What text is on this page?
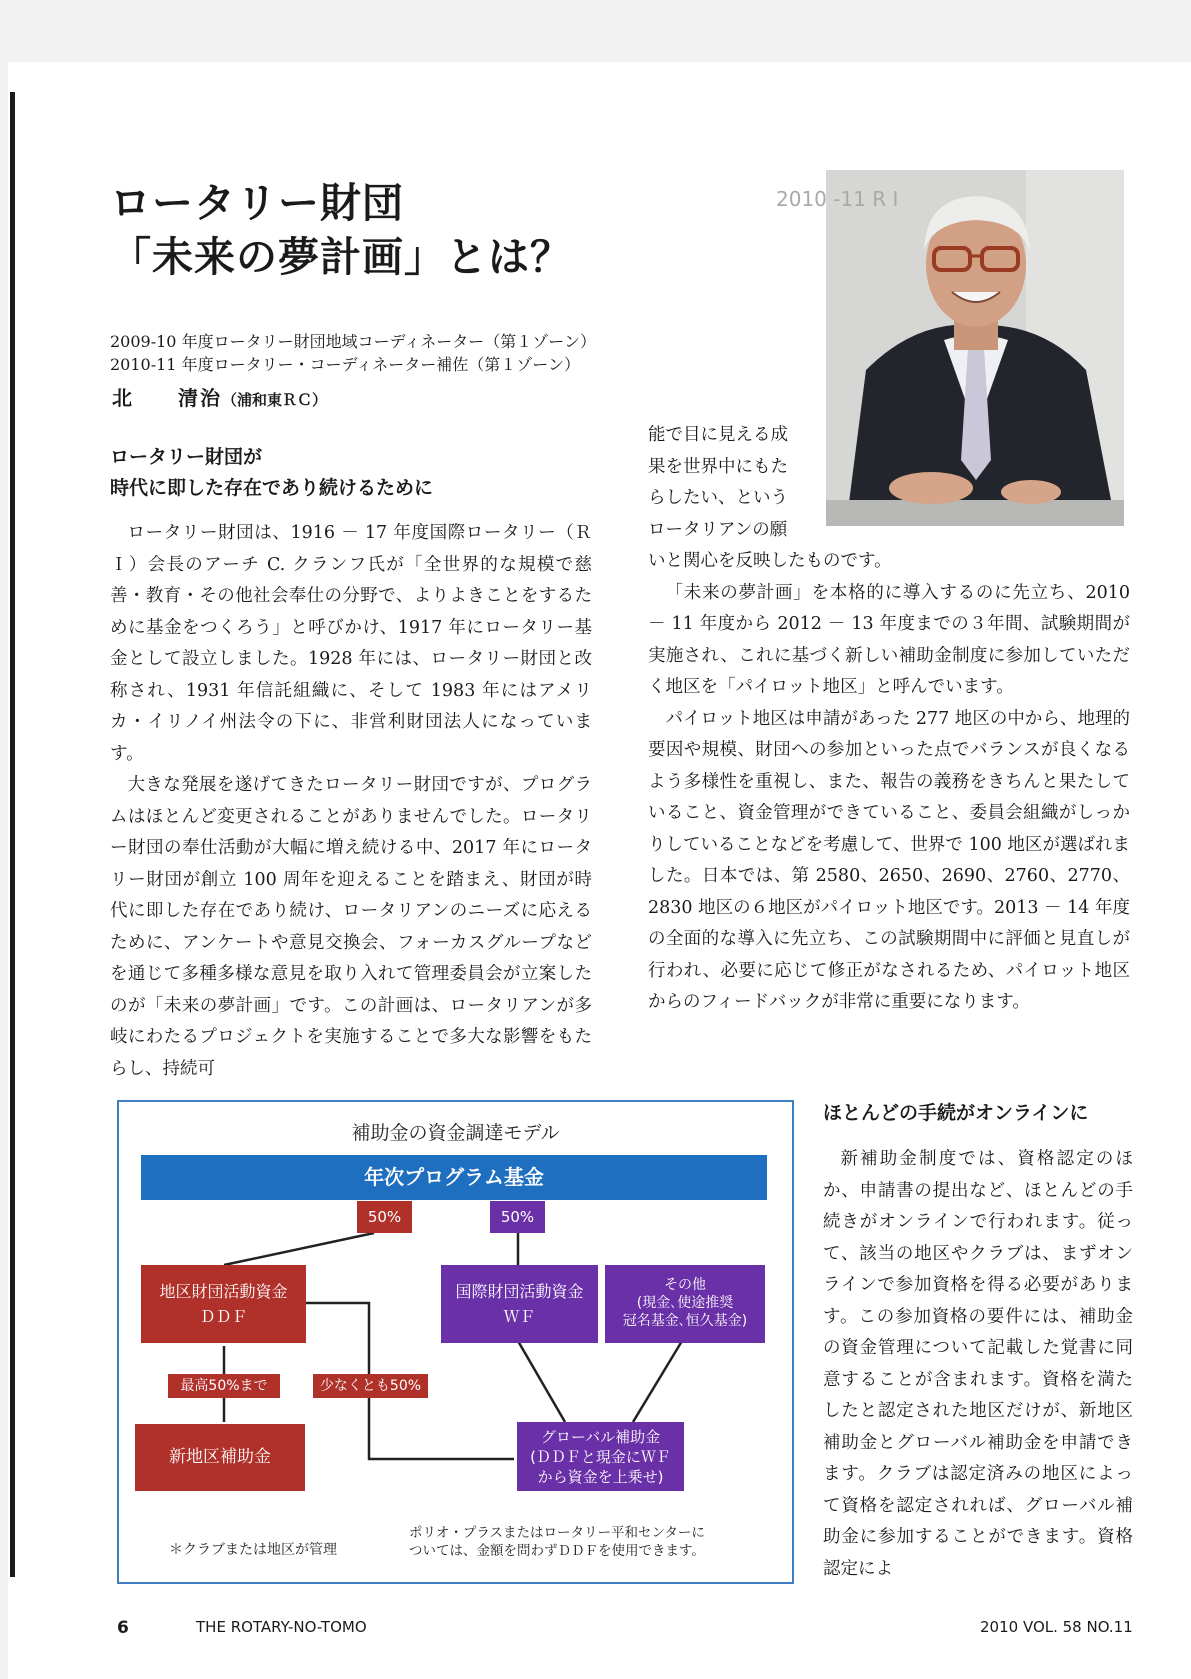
ロータリー財団
「未来の夢計画」とは？
2009-10 年度ロータリー財団地域コーディネーター（第１ゾーン）
2010-11 年度ロータリー・コーディネーター補佐（第１ゾーン）
北　　清治（浦和東ＲＣ）
2010 -11 R I
ロータリー財団が
時代に即した存在であり続けるために

ロータリー財団は、1916 － 17 年度国際ロータリー（ＲＩ）会長のアーチ C. クランフ氏が「全世界的な規模で慈善・教育・その他社会奉仕の分野で、よりよきことをするために基金をつくろう」と呼びかけ、1917 年にロータリー基金として設立しました。1928 年には、ロータリー財団と改称され、1931 年信託組織に、そして 1983 年にはアメリカ・イリノイ州法令の下に、非営利財団法人になっています。

大きな発展を遂げてきたロータリー財団ですが、プログラムはほとんど変更されることがありませんでした。ロータリー財団の奉仕活動が大幅に増え続ける中、2017 年にロータリー財団が創立 100 周年を迎えることを踏まえ、財団が時代に即した存在であり続け、ロータリアンのニーズに応えるために、アンケートや意見交換会、フォーカスグループなどを通じて多種多様な意見を取り入れて管理委員会が立案したのが「未来の夢計画」です。この計画は、ロータリアンが多岐にわたるプロジェクトを実施することで多大な影響をもたらし、持続可

能で目に見える成

果を世界中にもた

らしたい、という

ロータリアンの願

いと関心を反映したものです。

「未来の夢計画」を本格的に導入するのに先立ち、2010 － 11 年度から 2012 － 13 年度までの３年間、試験期間が実施され、これに基づく新しい補助金制度に参加していただく地区を「パイロット地区」と呼んでいます。

パイロット地区は申請があった 277 地区の中から、地理的要因や規模、財団への参加といった点でバランスが良くなるよう多様性を重視し、また、報告の義務をきちんと果たしていること、資金管理ができていること、委員会組織がしっかりしていることなどを考慮して、世界で 100 地区が選ばれました。日本では、第 2580、2650、2690、2760、2770、2830 地区の６地区がパイロット地区です。2013 － 14 年度の全面的な導入に先立ち、この試験期間中に評価と見直しが行われ、必要に応じて修正がなされるため、パイロット地区からのフィードバックが非常に重要になります。

ほとんどの手続がオンラインに

新補助金制度では、資格認定のほか、申請書の提出など、ほとんどの手続きがオンラインで行われます。従って、該当の地区やクラブは、まずオンラインで参加資格を得る必要があります。この参加資格の要件には、補助金の資金管理について記載した覚書に同意することが含まれます。資格を満たしたと認定された地区だけが、新地区補助金とグローバル補助金を申請できます。クラブは認定済みの地区によって資格を認定されれば、グローバル補助金に参加することができます。資格認定によ

補助金の資金調達モデル
年次プログラム基金
50%	50%
地区財団活動資金
ＤＤＦ
国際財団活動資金
ＷＦ
その他
(現金､使途推奨
冠名基金､恒久基金)
最高50%まで	少なくとも50%
新地区補助金
グローバル補助金
(ＤＤＦと現金にＷＦ
から資金を上乗せ)
＊クラブまたは地区が管理
ポリオ・プラスまたはロータリー平和センターに
ついては、金額を問わずＤＤＦを使用できます。
6	THE ROTARY-NO-TOMO	2010 VOL. 58 NO.11
